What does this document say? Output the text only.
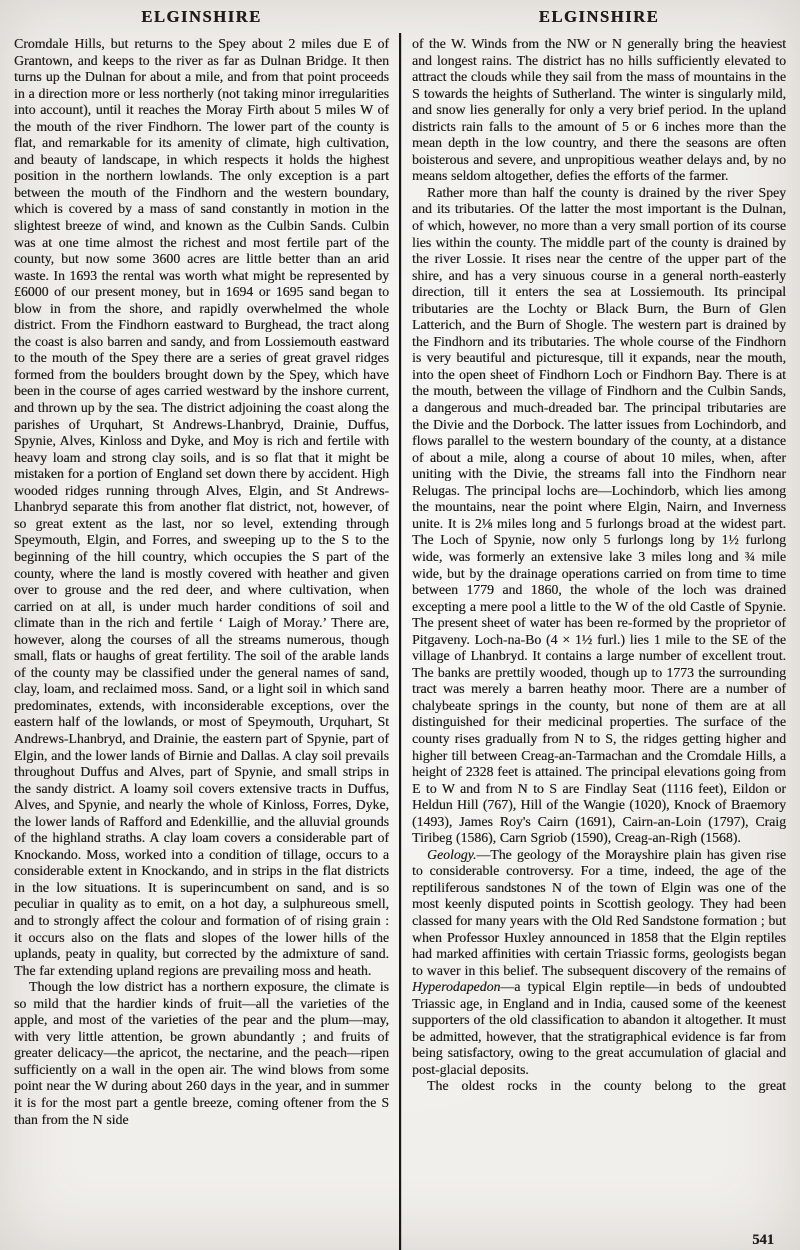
ELGINSHIRE

Cromdale Hills, but returns to the Spey about 2 miles due E of Grantown, and keeps to the river as far as Dulnan Bridge. It then turns up the Dulnan for about a mile, and from that point proceeds in a direction more or less northerly (not taking minor irregularities into account), until it reaches the Moray Firth about 5 miles W of the mouth of the river Findhorn. The lower part of the county is flat, and remarkable for its amenity of climate, high cultivation, and beauty of landscape, in which respects it holds the highest position in the northern lowlands. The only exception is a part between the mouth of the Findhorn and the western boundary, which is covered by a mass of sand constantly in motion in the slightest breeze of wind, and known as the Culbin Sands. Culbin was at one time almost the richest and most fertile part of the county, but now some 3600 acres are little better than an arid waste. In 1693 the rental was worth what might be represented by £6000 of our present money, but in 1694 or 1695 sand began to blow in from the shore, and rapidly overwhelmed the whole district. From the Findhorn eastward to Burghead, the tract along the coast is also barren and sandy, and from Lossiemouth eastward to the mouth of the Spey there are a series of great gravel ridges formed from the boulders brought down by the Spey, which have been in the course of ages carried westward by the inshore current, and thrown up by the sea. The district adjoining the coast along the parishes of Urquhart, St Andrews-Lhanbryd, Drainie, Duffus, Spynie, Alves, Kinloss and Dyke, and Moy is rich and fertile with heavy loam and strong clay soils, and is so flat that it might be mistaken for a portion of England set down there by accident. High wooded ridges running through Alves, Elgin, and St Andrews-Lhanbryd separate this from another flat district, not, however, of so great extent as the last, nor so level, extending through Speymouth, Elgin, and Forres, and sweeping up to the S to the beginning of the hill country, which occupies the S part of the county, where the land is mostly covered with heather and given over to grouse and the red deer, and where cultivation, when carried on at all, is under much harder conditions of soil and climate than in the rich and fertile ‘ Laigh of Moray.’ There are, however, along the courses of all the streams numerous, though small, flats or haughs of great fertility. The soil of the arable lands of the county may be classified under the general names of sand, clay, loam, and reclaimed moss. Sand, or a light soil in which sand predominates, extends, with inconsiderable exceptions, over the eastern half of the lowlands, or most of Speymouth, Urquhart, St Andrews-Lhanbryd, and Drainie, the eastern part of Spynie, part of Elgin, and the lower lands of Birnie and Dallas. A clay soil prevails throughout Duffus and Alves, part of Spynie, and small strips in the sandy district. A loamy soil covers extensive tracts in Duffus, Alves, and Spynie, and nearly the whole of Kinloss, Forres, Dyke, the lower lands of Rafford and Edenkillie, and the alluvial grounds of the highland straths. A clay loam covers a considerable part of Knockando. Moss, worked into a condition of tillage, occurs to a considerable extent in Knockando, and in strips in the flat districts in the low situations. It is superincumbent on sand, and is so peculiar in quality as to emit, on a hot day, a sulphureous smell, and to strongly affect the colour and formation of of rising grain : it occurs also on the flats and slopes of the lower hills of the uplands, peaty in quality, but corrected by the admixture of sand. The far extending upland regions are prevailing moss and heath.

Though the low district has a northern exposure, the climate is so mild that the hardier kinds of fruit—all the varieties of the apple, and most of the varieties of the pear and the plum—may, with very little attention, be grown abundantly ; and fruits of greater delicacy—the apricot, the nectarine, and the peach—ripen sufficiently on a wall in the open air. The wind blows from some point near the W during about 260 days in the year, and in summer it is for the most part a gentle breeze, coming oftener from the S than from the N side

ELGINSHIRE

of the W. Winds from the NW or N generally bring the heaviest and longest rains. The district has no hills sufficiently elevated to attract the clouds while they sail from the mass of mountains in the S towards the heights of Sutherland. The winter is singularly mild, and snow lies generally for only a very brief period. In the upland districts rain falls to the amount of 5 or 6 inches more than the mean depth in the low country, and there the seasons are often boisterous and severe, and unpropitious weather delays and, by no means seldom altogether, defies the efforts of the farmer.

Rather more than half the county is drained by the river Spey and its tributaries. Of the latter the most important is the Dulnan, of which, however, no more than a very small portion of its course lies within the county. The middle part of the county is drained by the river Lossie. It rises near the centre of the upper part of the shire, and has a very sinuous course in a general north-easterly direction, till it enters the sea at Lossiemouth. Its principal tributaries are the Lochty or Black Burn, the Burn of Glen Latterich, and the Burn of Shogle. The western part is drained by the Findhorn and its tributaries. The whole course of the Findhorn is very beautiful and picturesque, till it expands, near the mouth, into the open sheet of Findhorn Loch or Findhorn Bay. There is at the mouth, between the village of Findhorn and the Culbin Sands, a dangerous and much-dreaded bar. The principal tributaries are the Divie and the Dorbock. The latter issues from Lochindorb, and flows parallel to the western boundary of the county, at a distance of about a mile, along a course of about 10 miles, when, after uniting with the Divie, the streams fall into the Findhorn near Relugas. The principal lochs are—Lochindorb, which lies among the mountains, near the point where Elgin, Nairn, and Inverness unite. It is 2⅛ miles long and 5 furlongs broad at the widest part. The Loch of Spynie, now only 5 furlongs long by 1½ furlong wide, was formerly an extensive lake 3 miles long and ¾ mile wide, but by the drainage operations carried on from time to time between 1779 and 1860, the whole of the loch was drained excepting a mere pool a little to the W of the old Castle of Spynie. The present sheet of water has been re-formed by the proprietor of Pitgaveny. Loch-na-Bo (4 × 1½ furl.) lies 1 mile to the SE of the village of Lhanbryd. It contains a large number of excellent trout. The banks are prettily wooded, though up to 1773 the surrounding tract was merely a barren heathy moor. There are a number of chalybeate springs in the county, but none of them are at all distinguished for their medicinal properties. The surface of the county rises gradually from N to S, the ridges getting higher and higher till between Creag-an-Tarmachan and the Cromdale Hills, a height of 2328 feet is attained. The principal elevations going from E to W and from N to S are Findlay Seat (1116 feet), Eildon or Heldun Hill (767), Hill of the Wangie (1020), Knock of Braemory (1493), James Roy's Cairn (1691), Cairn-an-Loin (1797), Craig Tiribeg (1586), Carn Sgriob (1590), Creag-an-Righ (1568).

Geology.—The geology of the Morayshire plain has given rise to considerable controversy. For a time, indeed, the age of the reptiliferous sandstones N of the town of Elgin was one of the most keenly disputed points in Scottish geology. They had been classed for many years with the Old Red Sandstone formation ; but when Professor Huxley announced in 1858 that the Elgin reptiles had marked affinities with certain Triassic forms, geologists began to waver in this belief. The subsequent discovery of the remains of Hyperodapedon—a typical Elgin reptile—in beds of undoubted Triassic age, in England and in India, caused some of the keenest supporters of the old classification to abandon it altogether. It must be admitted, however, that the stratigraphical evidence is far from being satisfactory, owing to the great accumulation of glacial and post-glacial deposits.

The oldest rocks in the county belong to the great

541
